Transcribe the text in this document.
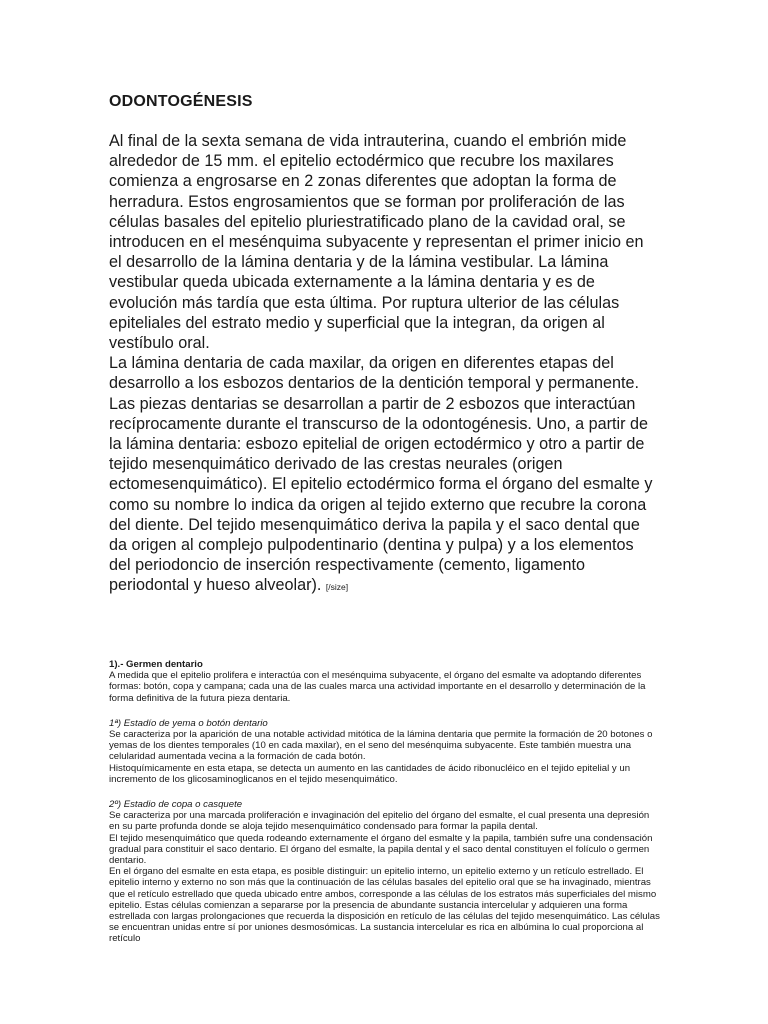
ODONTOGÉNESIS

Al final de la sexta semana de vida intrauterina, cuando el embrión mide alrededor de 15 mm. el epitelio ectodérmico que recubre los maxilares comienza a engrosarse en 2 zonas diferentes que adoptan la forma de herradura. Estos engrosamientos que se forman por proliferación de las células basales del epitelio pluriestratificado plano de la cavidad oral, se introducen en el mesénquima subyacente y representan el primer inicio en el desarrollo de la lámina dentaria y de la lámina vestibular. La lámina vestibular queda ubicada externamente a la lámina dentaria y es de evolución más tardía que esta última. Por ruptura ulterior de las células epiteliales del estrato medio y superficial que la integran, da origen al vestíbulo oral.

La lámina dentaria de cada maxilar, da origen en diferentes etapas del desarrollo a los esbozos dentarios de la dentición temporal y permanente.

Las piezas dentarias se desarrollan a partir de 2 esbozos que interactúan recíprocamente durante el transcurso de la odontogénesis. Uno, a partir de la lámina dentaria: esbozo epitelial de origen ectodérmico y otro a partir de tejido mesenquimático derivado de las crestas neurales (origen ectomesenquimático). El epitelio ectodérmico forma el órgano del esmalte y como su nombre lo indica da origen al tejido externo que recubre la corona del diente. Del tejido mesenquimático deriva la papila y el saco dental que da origen al complejo pulpodentinario (dentina y pulpa) y a los elementos del periodoncio de inserción respectivamente (cemento, ligamento periodontal y hueso alveolar). [/size]

1).- Germen dentario

A medida que el epitelio prolifera e interactúa con el mesénquima subyacente, el órgano del esmalte va adoptando diferentes formas: botón, copa y campana; cada una de las cuales marca una actividad importante en el desarrollo y determinación de la forma definitiva de la futura pieza dentaria.

1ª) Estadío de yema o botón dentario

Se caracteriza por la aparición de una notable actividad mitótica de la lámina dentaria que permite la formación de 20 botones o yemas de los dientes temporales (10 en cada maxilar), en el seno del mesénquima subyacente. Este también muestra una celularidad aumentada vecina a la formación de cada botón.

Histoquímicamente en esta etapa, se detecta un aumento en las cantidades de ácido ribonucléico en el tejido epitelial y un incremento de los glicosaminoglicanos en el tejido mesenquimático.

2º) Estadio de copa o casquete

Se caracteriza por una marcada proliferación e invaginación del epitelio del órgano del esmalte, el cual presenta una depresión en su parte profunda donde se aloja tejido mesenquimático condensado para formar la papila dental.

El tejido mesenquimático que queda rodeando externamente el órgano del esmalte y la papila, también sufre una condensación gradual para constituir el saco dentario. El órgano del esmalte, la papila dental y el saco dental constituyen el folículo o germen dentario.

En el órgano del esmalte en esta etapa, es posible distinguir: un epitelio interno, un epitelio externo y un retículo estrellado. El epitelio interno y externo no son más que la continuación de las células basales del epitelio oral que se ha invaginado, mientras que el retículo estrellado que queda ubicado entre ambos, corresponde a las células de los estratos más superficiales del mismo epitelio. Estas células comienzan a separarse por la presencia de abundante sustancia intercelular y adquieren una forma estrellada con largas prolongaciones que recuerda la disposición en retículo de las células del tejido mesenquimático. Las células se encuentran unidas entre sí por uniones desmosómicas. La sustancia intercelular es rica en albúmina lo cual proporciona al retículo
